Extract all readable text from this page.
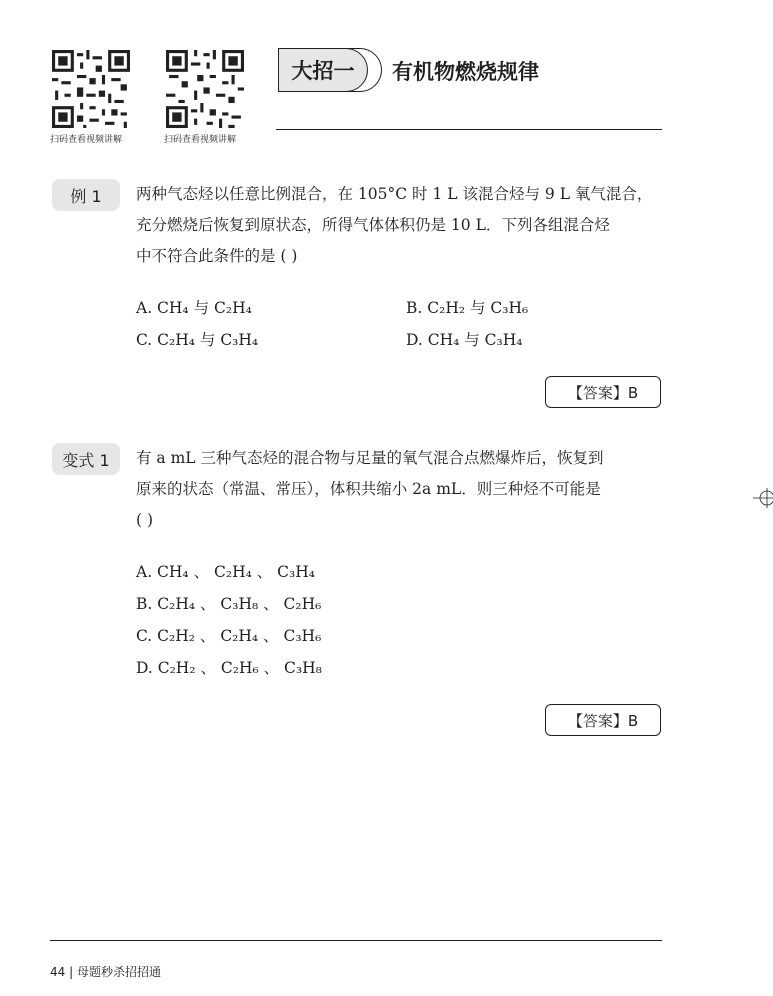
扫码查看视频讲解	扫码查看视频讲解
大招一	有机物燃烧规律
例 1	两种气态烃以任意比例混合，在 105°C 时 1 L 该混合烃与 9 L 氧气混合，
充分燃烧后恢复到原状态，所得气体体积仍是 10 L．下列各组混合烃
中不符合此条件的是 ( )
A. CH₄ 与 C₂H₄	B. C₂H₂ 与 C₃H₆
C. C₂H₄ 与 C₃H₄	D. CH₄ 与 C₃H₄
【答案】B
变式 1	有 a mL 三种气态烃的混合物与足量的氧气混合点燃爆炸后，恢复到
原来的状态（常温、常压），体积共缩小 2a mL．则三种烃不可能是
( )
A. CH₄ 、 C₂H₄ 、 C₃H₄
B. C₂H₄ 、 C₃H₈ 、 C₂H₆
C. C₂H₂ 、 C₂H₄ 、 C₃H₆
D. C₂H₂ 、 C₂H₆ 、 C₃H₈
【答案】B
44 | 母题秒杀招招通
